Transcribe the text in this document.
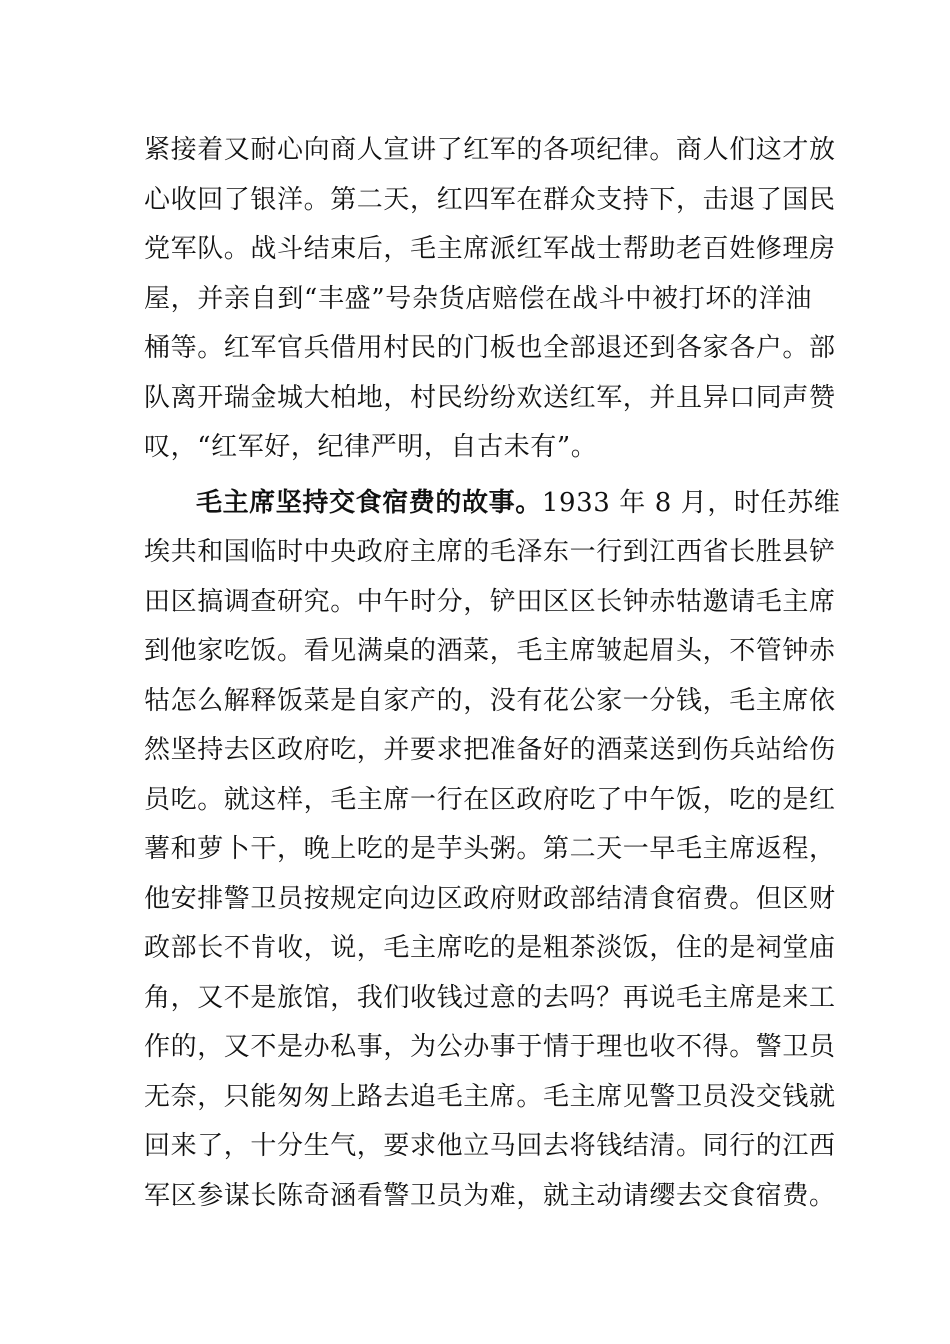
紧接着又耐心向商人宣讲了红军的各项纪律。商人们这才放
心收回了银洋。第二天，红四军在群众支持下，击退了国民
党军队。战斗结束后，毛主席派红军战士帮助老百姓修理房
屋，并亲自到“丰盛”号杂货店赔偿在战斗中被打坏的洋油
桶等。红军官兵借用村民的门板也全部退还到各家各户。部
队离开瑞金城大柏地，村民纷纷欢送红军，并且异口同声赞
叹，“红军好，纪律严明，自古未有”。
毛主席坚持交食宿费的故事。1933 年 8 月，时任苏维
埃共和国临时中央政府主席的毛泽东一行到江西省长胜县铲
田区搞调查研究。中午时分，铲田区区长钟赤牯邀请毛主席
到他家吃饭。看见满桌的酒菜，毛主席皱起眉头，不管钟赤
牯怎么解释饭菜是自家产的，没有花公家一分钱，毛主席依
然坚持去区政府吃，并要求把准备好的酒菜送到伤兵站给伤
员吃。就这样，毛主席一行在区政府吃了中午饭，吃的是红
薯和萝卜干，晚上吃的是芋头粥。第二天一早毛主席返程，
他安排警卫员按规定向边区政府财政部结清食宿费。但区财
政部长不肯收，说，毛主席吃的是粗茶淡饭，住的是祠堂庙
角，又不是旅馆，我们收钱过意的去吗？再说毛主席是来工
作的，又不是办私事，为公办事于情于理也收不得。警卫员
无奈，只能匆匆上路去追毛主席。毛主席见警卫员没交钱就
回来了，十分生气，要求他立马回去将钱结清。同行的江西
军区参谋长陈奇涵看警卫员为难，就主动请缨去交食宿费。
